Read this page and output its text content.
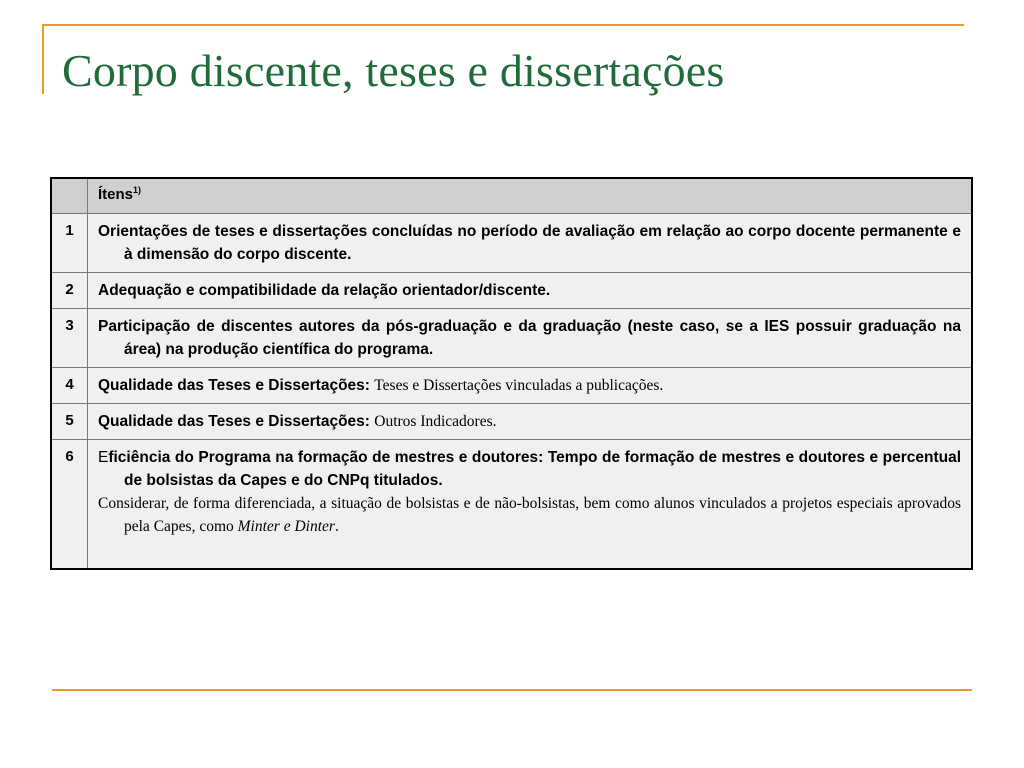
Corpo discente, teses e dissertações
	Ítens$^{1)}$
1	Orientações de teses e dissertações concluídas no período de avaliação em relação ao corpo docente permanente e à dimensão do corpo discente.

2	Adequação e compatibilidade da relação orientador/discente.

3	Participação de discentes autores da pós-graduação e da graduação (neste caso, se a IES possuir graduação na área) na produção científica do programa.

4	Qualidade das Teses e Dissertações: Teses e Dissertações vinculadas a publicações.

5	Qualidade das Teses e Dissertações: Outros Indicadores.

6	Eficiência do Programa na formação de mestres e doutores: Tempo de formação de mestres e doutores e percentual de bolsistas da Capes e do CNPq titulados.

Considerar, de forma diferenciada, a situação de bolsistas e de não-bolsistas, bem como alunos vinculados a projetos especiais aprovados pela Capes, como Minter e Dinter.
